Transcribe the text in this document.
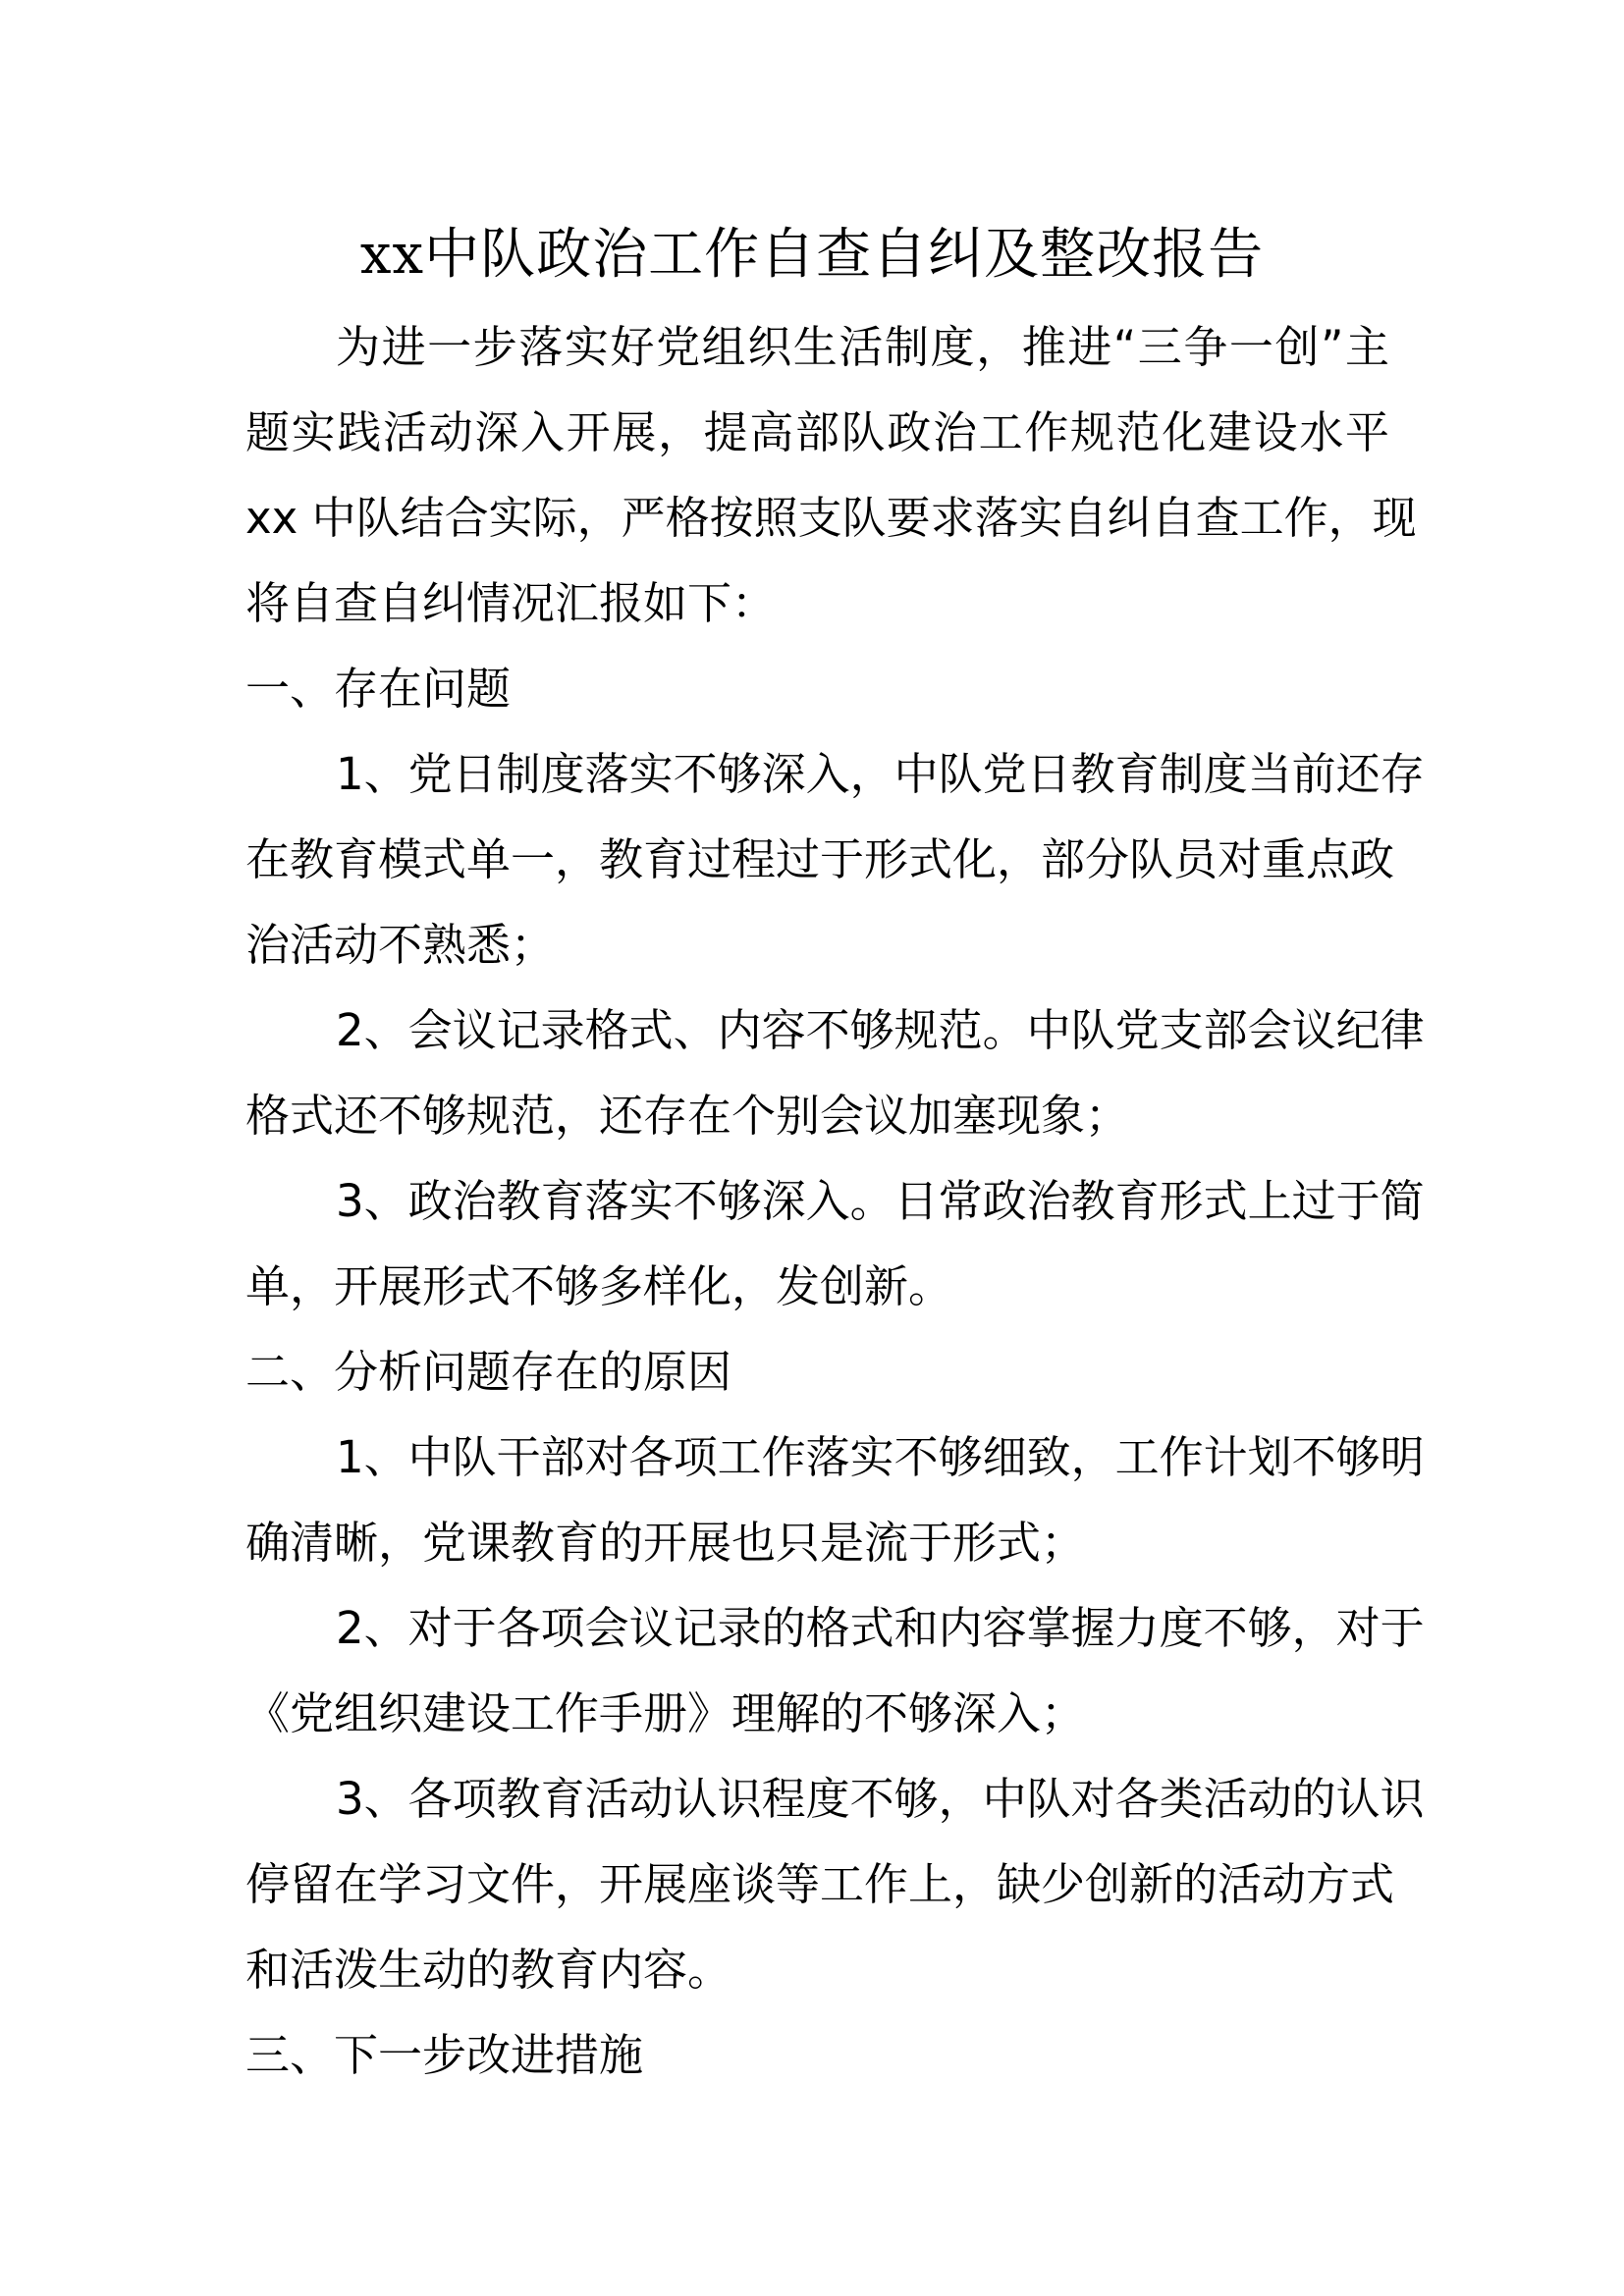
xx中队政治工作自查自纠及整改报告
为进一步落实好党组织生活制度，推进“三争一创”主
题实践活动深入开展，提高部队政治工作规范化建设水平
xx 中队结合实际，严格按照支队要求落实自纠自查工作，现
将自查自纠情况汇报如下：
一、存在问题
1、党日制度落实不够深入，中队党日教育制度当前还存
在教育模式单一，教育过程过于形式化，部分队员对重点政
治活动不熟悉；
2、会议记录格式、内容不够规范。中队党支部会议纪律
格式还不够规范，还存在个别会议加塞现象；
3、政治教育落实不够深入。日常政治教育形式上过于简
单，开展形式不够多样化，发创新。
二、分析问题存在的原因
1、中队干部对各项工作落实不够细致，工作计划不够明
确清晰，党课教育的开展也只是流于形式；
2、对于各项会议记录的格式和内容掌握力度不够，对于
《党组织建设工作手册》理解的不够深入；
3、各项教育活动认识程度不够，中队对各类活动的认识
停留在学习文件，开展座谈等工作上，缺少创新的活动方式
和活泼生动的教育内容。
三、下一步改进措施
